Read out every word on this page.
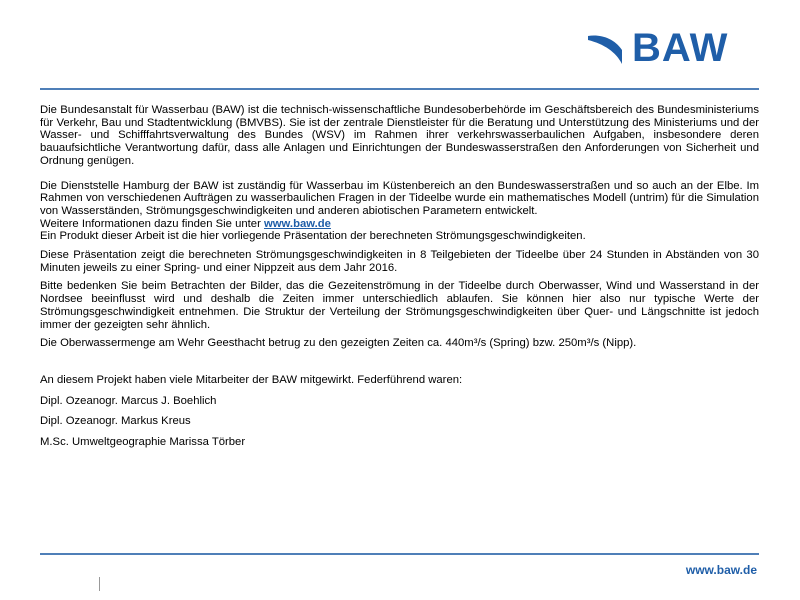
BAW

Die Bundesanstalt für Wasserbau (BAW) ist die technisch-wissenschaftliche Bundesoberbehörde im Geschäftsbereich des Bundesministeriums für Verkehr, Bau und Stadtentwicklung (BMVBS). Sie ist der zentrale Dienstleister für die Beratung und Unterstützung des Ministeriums und der Wasser- und Schifffahrtsverwaltung des Bundes (WSV) im Rahmen ihrer verkehrswasserbaulichen Aufgaben, insbesondere deren bauaufsichtliche Verantwortung dafür, dass alle Anlagen und Einrichtungen der Bundeswasserstraßen den Anforderungen von Sicherheit und Ordnung genügen.

Die Dienststelle Hamburg der BAW ist zuständig für Wasserbau im Küstenbereich an den Bundeswasserstraßen und so auch an der Elbe. Im Rahmen von verschiedenen Aufträgen zu wasserbaulichen Fragen in der Tideelbe wurde ein mathematisches Modell (untrim) für die Simulation von Wasserständen, Strömungsgeschwindigkeiten und anderen abiotischen Parametern entwickelt.

Weitere Informationen dazu finden Sie unter www.baw.de

Ein Produkt dieser Arbeit ist die hier vorliegende Präsentation der berechneten Strömungsgeschwindigkeiten.

Diese Präsentation zeigt die berechneten Strömungsgeschwindigkeiten in 8 Teilgebieten der Tideelbe über 24 Stunden in Abständen von 30 Minuten jeweils zu einer Spring- und einer Nippzeit aus dem Jahr 2016.

Bitte bedenken Sie beim Betrachten der Bilder, das die Gezeitenströmung in der Tideelbe durch Oberwasser, Wind und Wasserstand in der Nordsee beeinflusst wird und deshalb die Zeiten immer unterschiedlich ablaufen. Sie können hier also nur typische Werte der Strömungsgeschwindigkeit entnehmen. Die Struktur der Verteilung der Strömungsgeschwindigkeiten über Quer- und Längschnitte ist jedoch immer der gezeigten sehr ähnlich.

Die Oberwassermenge am Wehr Geesthacht betrug zu den gezeigten Zeiten ca. 440m³/s (Spring) bzw. 250m³/s (Nipp).

An diesem Projekt haben viele Mitarbeiter der BAW mitgewirkt. Federführend waren:

Dipl. Ozeanogr. Marcus J. Boehlich

Dipl. Ozeanogr. Markus Kreus

M.Sc. Umweltgeographie Marissa Törber

www.baw.de
